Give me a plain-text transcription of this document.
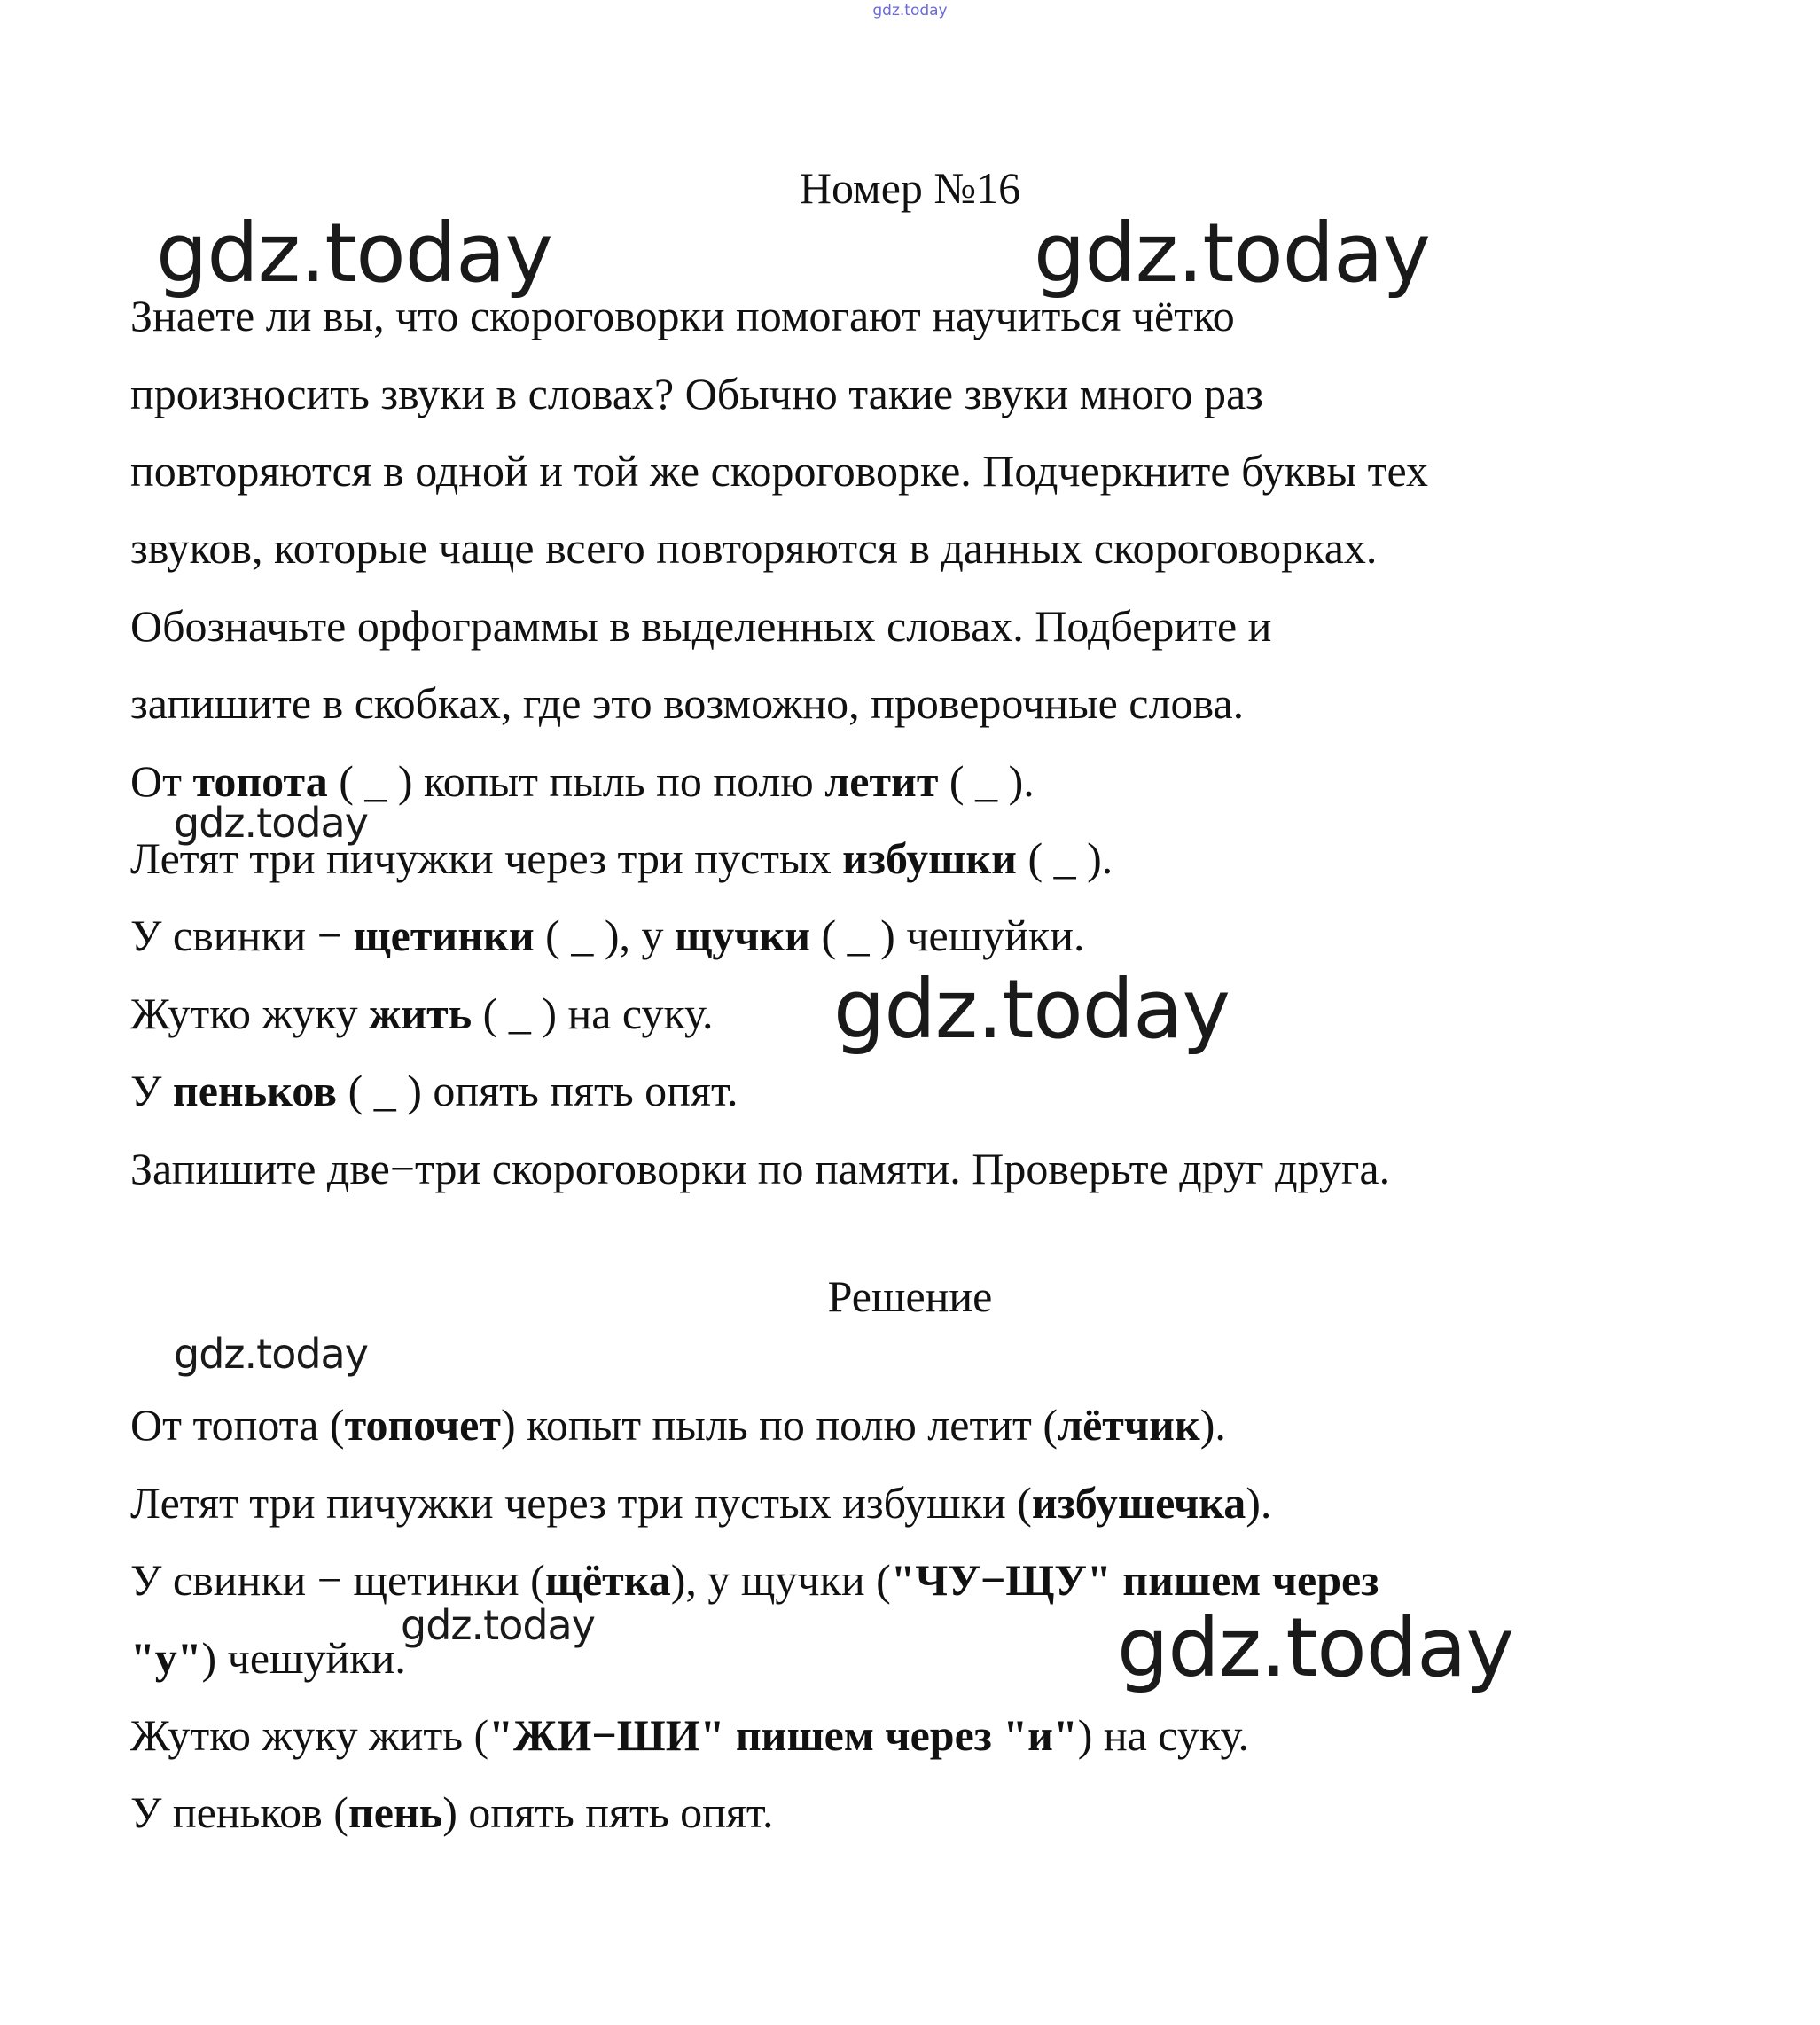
gdz.today
Номер №16
Знаете ли вы, что скороговорки помогают научиться чётко
произносить звуки в словах? Обычно такие звуки много раз
повторяются в одной и той же скороговорке. Подчеркните буквы тех
звуков, которые чаще всего повторяются в данных скороговорках.
Обозначьте орфограммы в выделенных словах. Подберите и
запишите в скобках, где это возможно, проверочные слова.
От топота ( _ ) копыт пыль по полю летит ( _ ).
Летят три пичужки через три пустых избушки ( _ ).
У свинки − щетинки ( _ ), у щучки ( _ ) чешуйки.
Жутко жуку жить ( _ ) на суку.
У пеньков ( _ ) опять пять опят.
Запишите две−три скороговорки по памяти. Проверьте друг друга.
Решение
От топота (топочет) копыт пыль по полю летит (лётчик).
Летят три пичужки через три пустых избушки (избушечка).
У свинки − щетинки (щётка), у щучки ("ЧУ−ЩУ" пишем через
"у") чешуйки.
Жутко жуку жить ("ЖИ−ШИ" пишем через "и") на суку.
У пеньков (пень) опять пять опят.
gdz.today	gdz.today
gdz.today
gdz.today
gdz.today
gdz.today	gdz.today
